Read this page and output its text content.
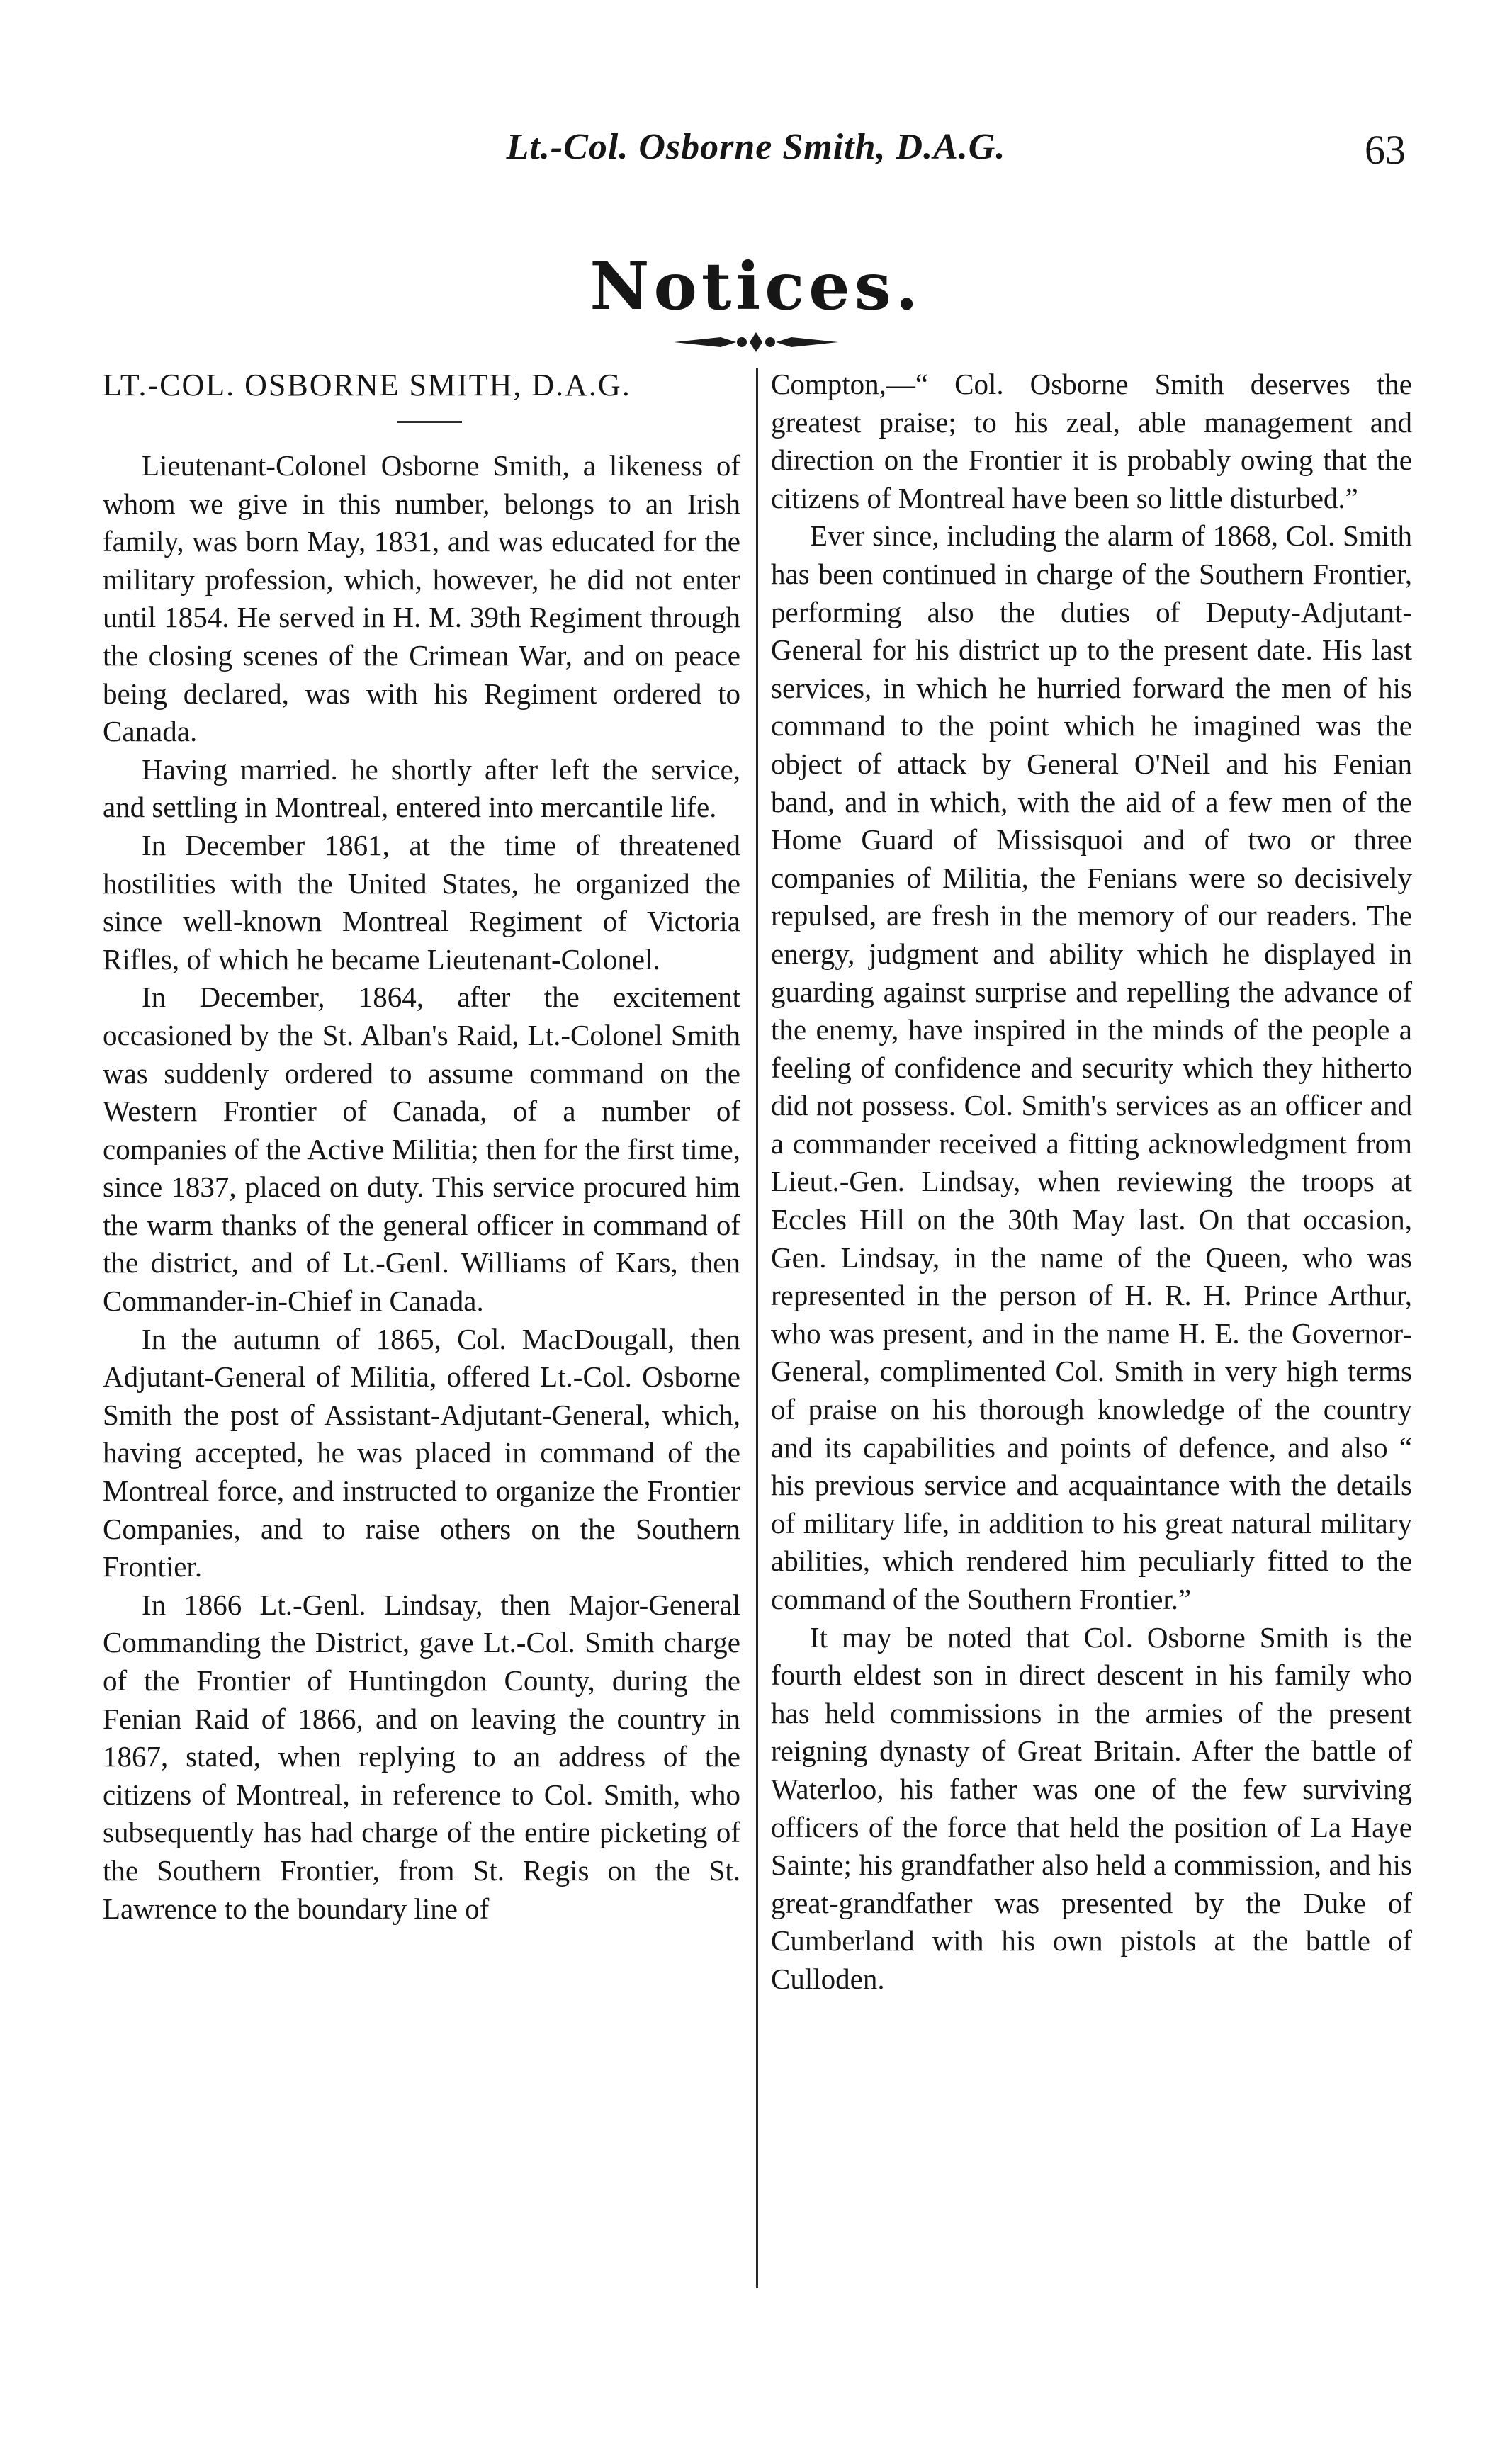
Lt.-Col. Osborne Smith, D.A.G.	63
Notices.
LT.-COL. OSBORNE SMITH, D.A.G.

Lieutenant-Colonel Osborne Smith, a likeness of whom we give in this number, belongs to an Irish family, was born May, 1831, and was educated for the military profession, which, however, he did not enter until 1854. He served in H. M. 39th Regiment through the closing scenes of the Crimean War, and on peace being declared, was with his Regiment ordered to Canada.

Having married. he shortly after left the service, and settling in Montreal, entered into mercantile life.

In December 1861, at the time of threatened hostilities with the United States, he organized the since well-known Montreal Regiment of Victoria Rifles, of which he became Lieutenant-Colonel.

In December, 1864, after the excitement occasioned by the St. Alban's Raid, Lt.-Colonel Smith was suddenly ordered to assume command on the Western Frontier of Canada, of a number of companies of the Active Militia; then for the first time, since 1837, placed on duty. This service procured him the warm thanks of the general officer in command of the district, and of Lt.-Genl. Williams of Kars, then Commander-in-Chief in Canada.

In the autumn of 1865, Col. MacDougall, then Adjutant-General of Militia, offered Lt.-Col. Osborne Smith the post of Assistant-Adjutant-General, which, having accepted, he was placed in command of the Montreal force, and instructed to organize the Frontier Companies, and to raise others on the Southern Frontier.

In 1866 Lt.-Genl. Lindsay, then Major-General Commanding the District, gave Lt.-Col. Smith charge of the Frontier of Huntingdon County, during the Fenian Raid of 1866, and on leaving the country in 1867, stated, when replying to an address of the citizens of Montreal, in reference to Col. Smith, who subsequently has had charge of the entire picketing of the Southern Frontier, from St. Regis on the St. Lawrence to the boundary line of

Compton,—“ Col. Osborne Smith deserves the greatest praise; to his zeal, able management and direction on the Frontier it is probably owing that the citizens of Montreal have been so little disturbed.”

Ever since, including the alarm of 1868, Col. Smith has been continued in charge of the Southern Frontier, performing also the duties of Deputy-Adjutant-General for his district up to the present date. His last services, in which he hurried forward the men of his command to the point which he imagined was the object of attack by General O'Neil and his Fenian band, and in which, with the aid of a few men of the Home Guard of Missisquoi and of two or three companies of Militia, the Fenians were so decisively repulsed, are fresh in the memory of our readers. The energy, judgment and ability which he displayed in guarding against surprise and repelling the advance of the enemy, have inspired in the minds of the people a feeling of confidence and security which they hitherto did not possess. Col. Smith's services as an officer and a commander received a fitting acknowledgment from Lieut.-Gen. Lindsay, when reviewing the troops at Eccles Hill on the 30th May last. On that occasion, Gen. Lindsay, in the name of the Queen, who was represented in the person of H. R. H. Prince Arthur, who was present, and in the name H. E. the Governor-General, complimented Col. Smith in very high terms of praise on his thorough knowledge of the country and its capabilities and points of defence, and also “ his previous service and acquaintance with the details of military life, in addition to his great natural military abilities, which rendered him peculiarly fitted to the command of the Southern Frontier.”

It may be noted that Col. Osborne Smith is the fourth eldest son in direct descent in his family who has held commissions in the armies of the present reigning dynasty of Great Britain. After the battle of Waterloo, his father was one of the few surviving officers of the force that held the position of La Haye Sainte; his grandfather also held a commission, and his great-grandfather was presented by the Duke of Cumberland with his own pistols at the battle of Culloden.
